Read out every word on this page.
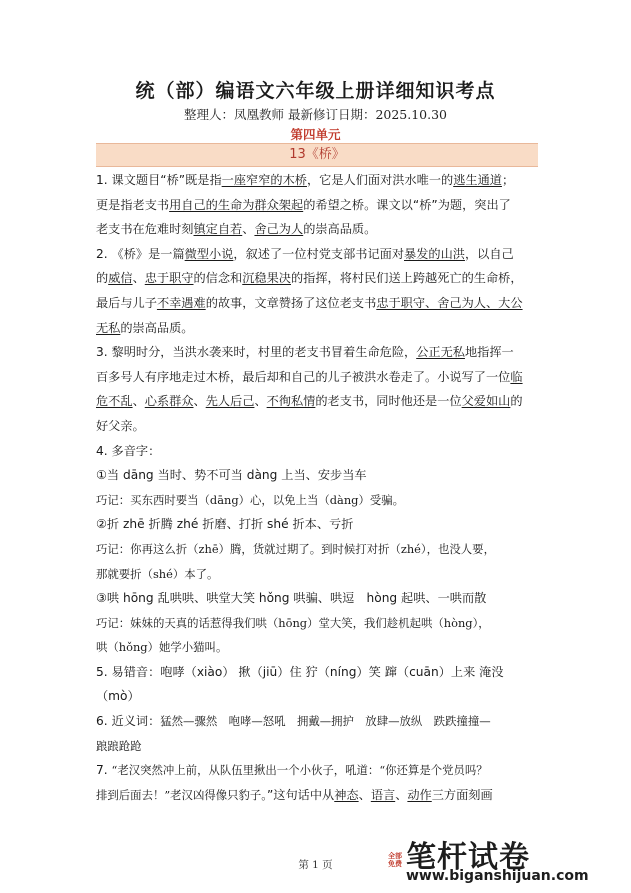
统（部）编语文六年级上册详细知识考点
整理人：凤凰教师 最新修订日期：2025.10.30
第四单元
13《桥》
1. 课文题目“桥”既是指一座窄窄的木桥，它是人们面对洪水唯一的逃生通道；
更是指老支书用自己的生命为群众架起的希望之桥。课文以“桥”为题，突出了
老支书在危难时刻镇定自若、舍己为人的崇高品质。
2. 《桥》是一篇微型小说，叙述了一位村党支部书记面对暴发的山洪，以自己
的威信、忠于职守的信念和沉稳果决的指挥，将村民们送上跨越死亡的生命桥，
最后与儿子不幸遇难的故事，文章赞扬了这位老支书忠于职守、舍己为人、大公
无私的崇高品质。
3. 黎明时分，当洪水袭来时，村里的老支书冒着生命危险，公正无私地指挥一
百多号人有序地走过木桥，最后却和自己的儿子被洪水卷走了。小说写了一位临
危不乱、心系群众、先人后己、不徇私情的老支书，同时他还是一位父爱如山的
好父亲。
4. 多音字：
①当 dāng 当时、势不可当 dàng 上当、安步当车
巧记：买东西时要当（dāng）心，以免上当（dàng）受骗。
②折 zhē 折腾 zhé 折磨、打折 shé 折本、亏折
巧记：你再这么折（zhē）腾，货就过期了。到时候打对折（zhé），也没人要，
那就要折（shé）本了。
③哄 hōng 乱哄哄、哄堂大笑 hǒng 哄骗、哄逗　hòng 起哄、一哄而散
巧记：妹妹的天真的话惹得我们哄（hōng）堂大笑，我们趁机起哄（hòng），
哄（hǒng）她学小猫叫。
5. 易错音：咆哮（xiào） 揪（jiū）住 狞（níng）笑 蹿（cuān）上来 淹没
（mò）
6. 近义词：猛然—骤然　咆哮—怒吼　拥戴—拥护　放肆—放纵　跌跌撞撞—
踉踉跄跄
7. “老汉突然冲上前，从队伍里揪出一个小伙子，吼道：“你还算是个党员吗？
排到后面去！”老汉凶得像只豹子。”这句话中从神态、语言、动作三方面刻画
第 1 页
全部免费 笔杆试卷
www.biganshijuan.com
